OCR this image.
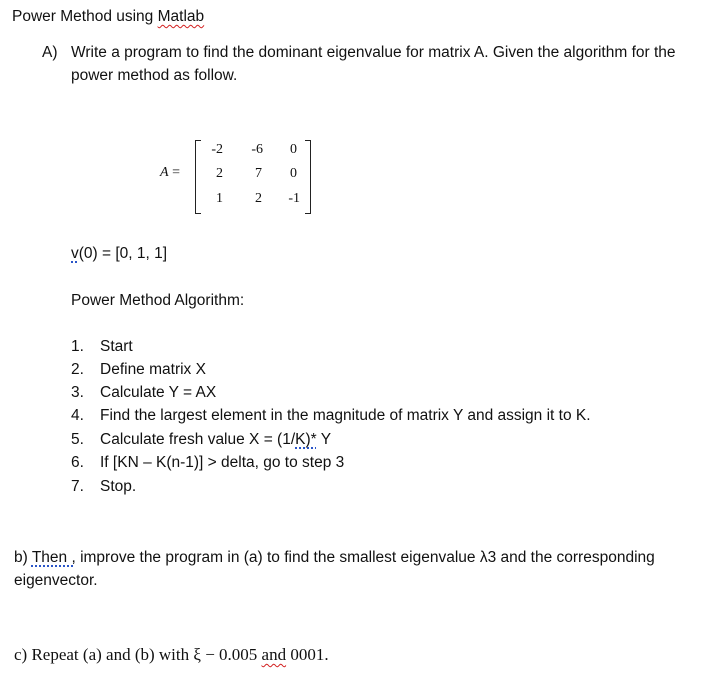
Power Method using Matlab
A) Write a program to find the dominant eigenvalue for matrix A. Given the algorithm for the
power method as follow.
A =
-2	-6	0
2	7	0
1	2	-1
v(0) = [0, 1, 1]
Power Method Algorithm:
1.	Start
2.	Define matrix X
3.	Calculate Y = AX
4.	Find the largest element in the magnitude of matrix Y and assign it to K.
5.	Calculate fresh value X = (1/K)* Y
6.	If [KN – K(n-1)] > delta, go to step 3
7.	Stop.
b) Then , improve the program in (a) to find the smallest eigenvalue λ3 and the corresponding
eigenvector.
c) Repeat (a) and (b) with ξ − 0.005 and 0001.
